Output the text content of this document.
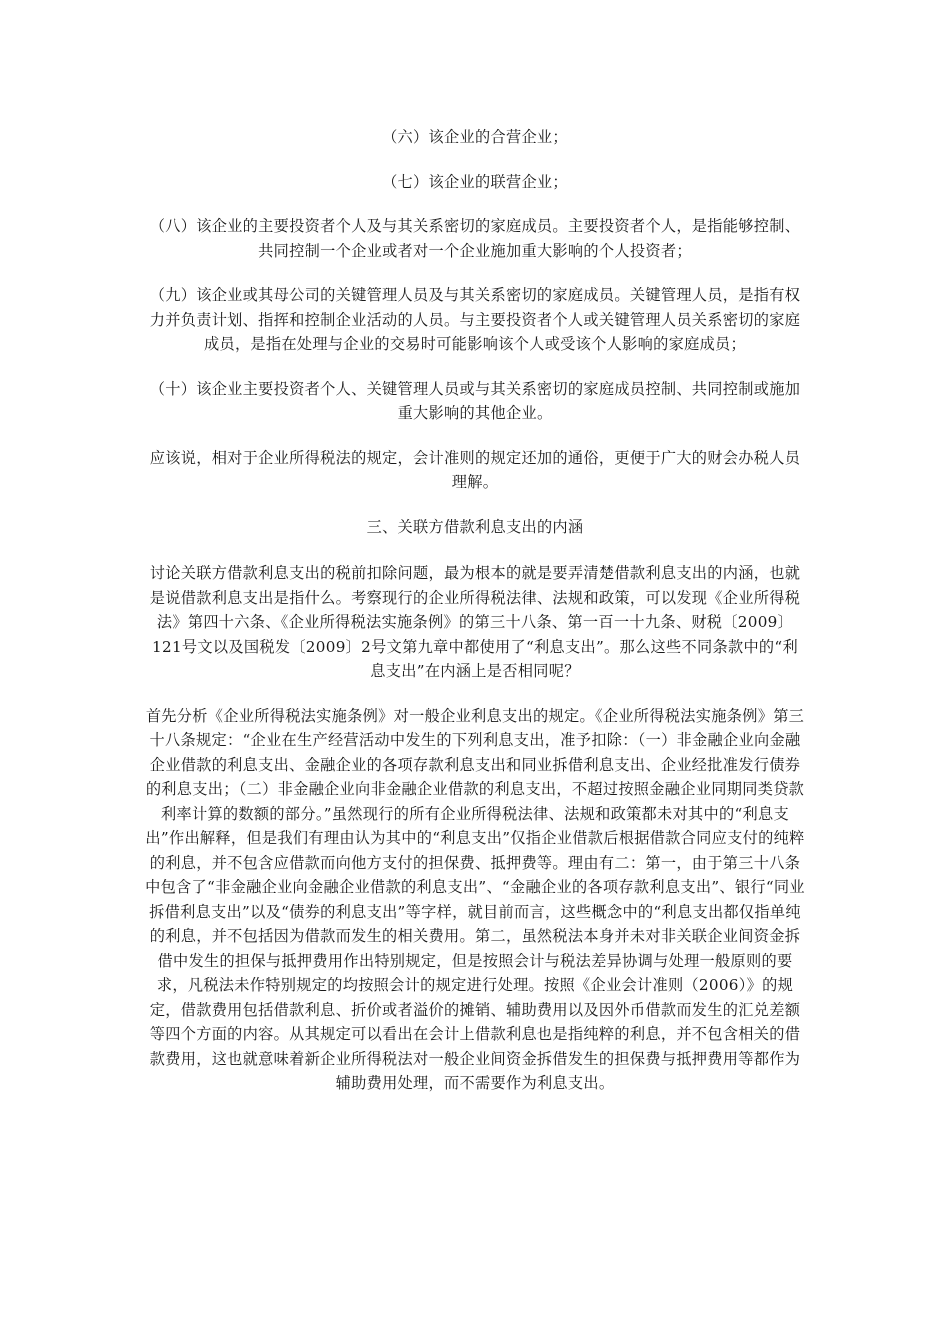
（六）该企业的合营企业；

（七）该企业的联营企业；

（八）该企业的主要投资者个人及与其关系密切的家庭成员。主要投资者个人，是指能够控制、共同控制一个企业或者对一个企业施加重大影响的个人投资者；

（九）该企业或其母公司的关键管理人员及与其关系密切的家庭成员。关键管理人员，是指有权力并负责计划、指挥和控制企业活动的人员。与主要投资者个人或关键管理人员关系密切的家庭成员，是指在处理与企业的交易时可能影响该个人或受该个人影响的家庭成员；

（十）该企业主要投资者个人、关键管理人员或与其关系密切的家庭成员控制、共同控制或施加重大影响的其他企业。

应该说，相对于企业所得税法的规定，会计准则的规定还加的通俗，更便于广大的财会办税人员理解。

三、关联方借款利息支出的内涵

讨论关联方借款利息支出的税前扣除问题，最为根本的就是要弄清楚借款利息支出的内涵，也就是说借款利息支出是指什么。考察现行的企业所得税法律、法规和政策，可以发现《企业所得税法》第四十六条、《企业所得税法实施条例》的第三十八条、第一百一十九条、财税〔2009〕121号文以及国税发〔2009〕2号文第九章中都使用了“利息支出”。那么这些不同条款中的“利息支出”在内涵上是否相同呢？

首先分析《企业所得税法实施条例》对一般企业利息支出的规定。《企业所得税法实施条例》第三十八条规定：“企业在生产经营活动中发生的下列利息支出，准予扣除：（一）非金融企业向金融企业借款的利息支出、金融企业的各项存款利息支出和同业拆借利息支出、企业经批准发行债券的利息支出；（二）非金融企业向非金融企业借款的利息支出，不超过按照金融企业同期同类贷款利率计算的数额的部分。”虽然现行的所有企业所得税法律、法规和政策都未对其中的“利息支出”作出解释，但是我们有理由认为其中的“利息支出”仅指企业借款后根据借款合同应支付的纯粹的利息，并不包含应借款而向他方支付的担保费、抵押费等。理由有二：第一，由于第三十八条中包含了“非金融企业向金融企业借款的利息支出”、“金融企业的各项存款利息支出”、银行“同业拆借利息支出”以及“债券的利息支出”等字样，就目前而言，这些概念中的“利息支出都仅指单纯的利息，并不包括因为借款而发生的相关费用。第二，虽然税法本身并未对非关联企业间资金拆借中发生的担保与抵押费用作出特别规定，但是按照会计与税法差异协调与处理一般原则的要求，凡税法未作特别规定的均按照会计的规定进行处理。按照《企业会计准则（2006）》的规定，借款费用包括借款利息、折价或者溢价的摊销、辅助费用以及因外币借款而发生的汇兑差额等四个方面的内容。从其规定可以看出在会计上借款利息也是指纯粹的利息，并不包含相关的借款费用，这也就意味着新企业所得税法对一般企业间资金拆借发生的担保费与抵押费用等都作为辅助费用处理，而不需要作为利息支出。
